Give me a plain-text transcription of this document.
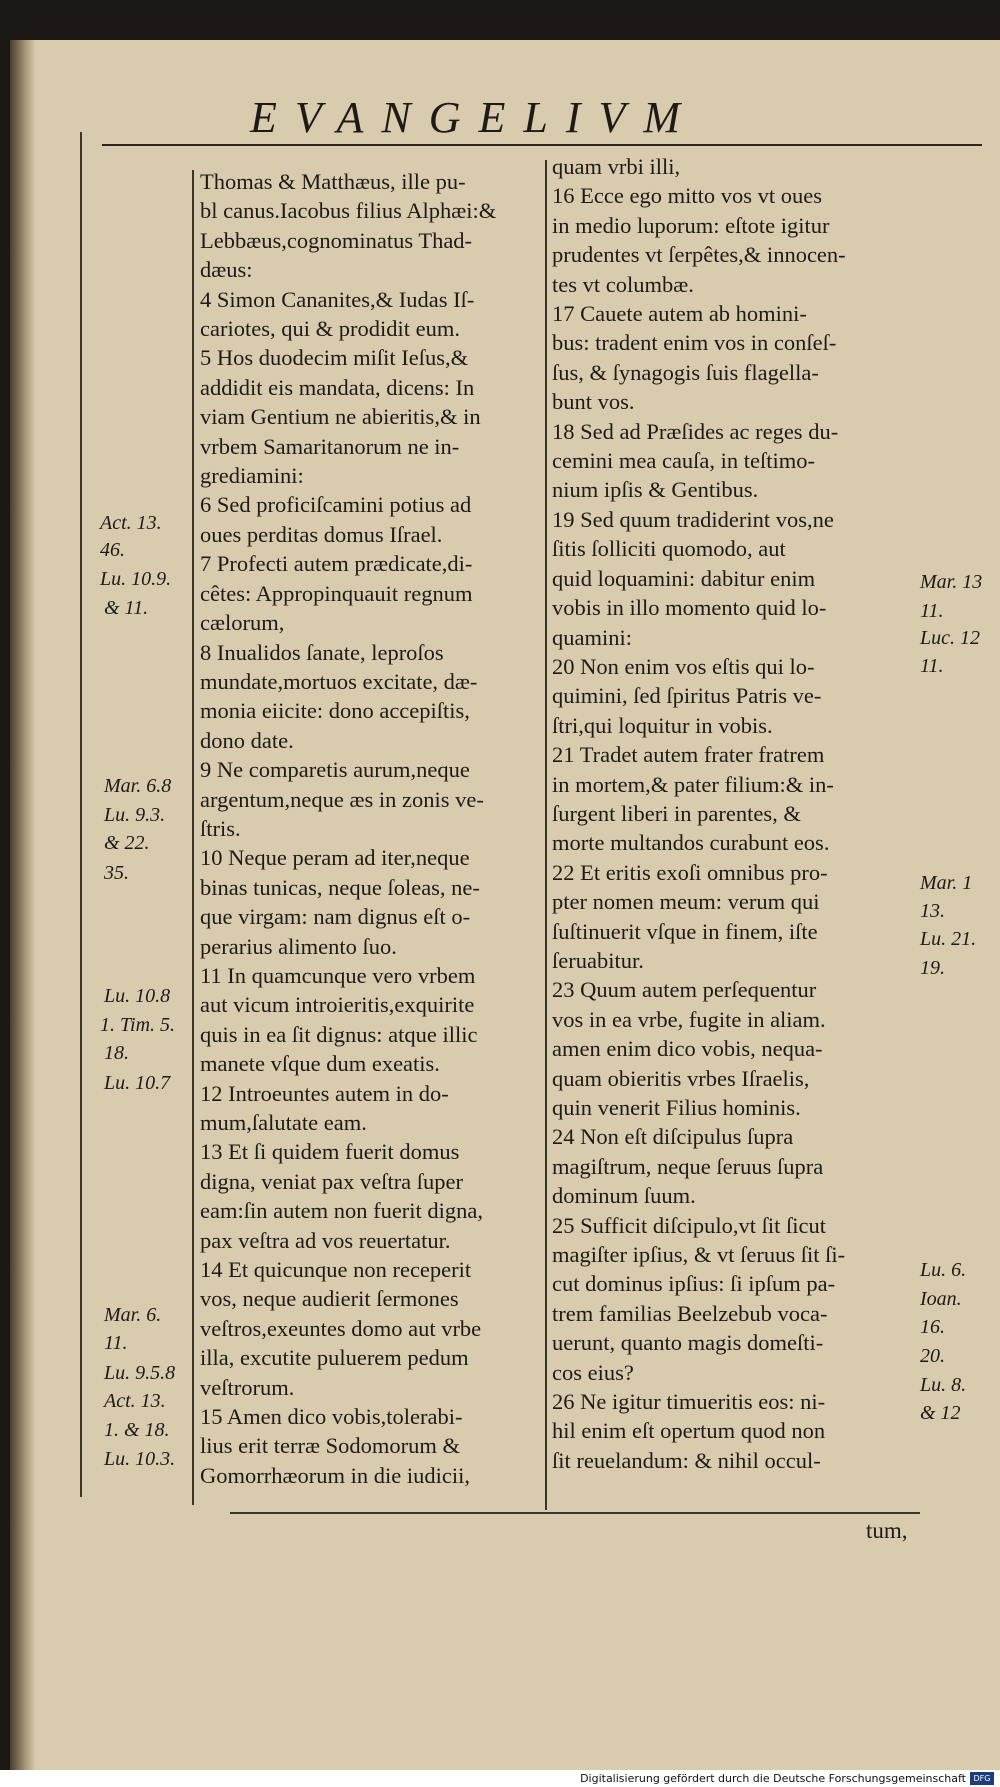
EVANGELIVM
Thomas & Matthæus, ille pu-
bl canus.Iacobus filius Alphæi:&
Lebbæus,cognominatus Thad-
dæus:
4 Simon Cananites,& Iudas Iſ-
cariotes, qui & prodidit eum.
5 Hos duodecim miſit Ieſus,&
addidit eis mandata, dicens: In
viam Gentium ne abieritis,& in
vrbem Samaritanorum ne in-
grediamini:
6 Sed proficiſcamini potius ad
oues perditas domus Iſrael.
7 Profecti autem prædicate,di-
cêtes: Appropinquauit regnum
cælorum,
8 Inualidos ſanate, leproſos
mundate,mortuos excitate, dæ-
monia eiicite: dono accepiſtis,
dono date.
9 Ne comparetis aurum,neque
argentum,neque æs in zonis ve-
ſtris.
10 Neque peram ad iter,neque
binas tunicas, neque ſoleas, ne-
que virgam: nam dignus eſt o-
perarius alimento ſuo.
11 In quamcunque vero vrbem
aut vicum introieritis,exquirite
quis in ea ſit dignus: atque illic
manete vſque dum exeatis.
12 Introeuntes autem in do-
mum,ſalutate eam.
13 Et ſi quidem fuerit domus
digna, veniat pax veſtra ſuper
eam:ſin autem non fuerit digna,
pax veſtra ad vos reuertatur.
14 Et quicunque non receperit
vos, neque audierit ſermones
veſtros,exeuntes domo aut vrbe
illa, excutite puluerem pedum
veſtrorum.
15 Amen dico vobis,tolerabi-
lius erit terræ Sodomorum &
Gomorrhæorum in die iudicii,
quam vrbi illi,
16 Ecce ego mitto vos vt oues
in medio luporum: eſtote igitur
prudentes vt ſerpêtes,& innocen-
tes vt columbæ.
17 Cauete autem ab homini-
bus: tradent enim vos in conſeſ-
ſus, & ſynagogis ſuis flagella-
bunt vos.
18 Sed ad Præſides ac reges du-
cemini mea cauſa, in teſtimo-
nium ipſis & Gentibus.
19 Sed quum tradiderint vos,ne
ſitis ſolliciti quomodo, aut
quid loquamini: dabitur enim
vobis in illo momento quid lo-
quamini:
20 Non enim vos eſtis qui lo-
quimini, ſed ſpiritus Patris ve-
ſtri,qui loquitur in vobis.
21 Tradet autem frater fratrem
in mortem,& pater filium:& in-
ſurgent liberi in parentes, &
morte multandos curabunt eos.
22 Et eritis exoſi omnibus pro-
pter nomen meum: verum qui
ſuſtinuerit vſque in finem, iſte
ſeruabitur.
23 Quum autem perſequentur
vos in ea vrbe, fugite in aliam.
amen enim dico vobis, nequa-
quam obieritis vrbes Iſraelis,
quin venerit Filius hominis.
24 Non eſt diſcipulus ſupra
magiſtrum, neque ſeruus ſupra
dominum ſuum.
25 Sufficit diſcipulo,vt ſit ſicut
magiſter ipſius, & vt ſeruus ſit ſi-
cut dominus ipſius: ſi ipſum pa-
trem familias Beelzebub voca-
uerunt, quanto magis domeſti-
cos eius?
26 Ne igitur timueritis eos: ni-
hil enim eſt opertum quod non
ſit reuelandum: & nihil occul-
Act. 13.
46.
Lu. 10.9.
& 11.
Mar. 6.8
Lu. 9.3.
& 22.
35.
Lu. 10.8
1. Tim. 5.
18.
Lu. 10.7
Mar. 6.
11.
Lu. 9.5.8
Act. 13.
1. & 18.
Lu. 10.3.
Mar. 13
11.
Luc. 12
11.
Mar. 1
13.
Lu. 21.
19.
Lu. 6.
Ioan.
16.
20.
Lu. 8.
& 12
tum,
Digitalisierung gefördert durch die Deutsche Forschungsgemeinschaft DFG
